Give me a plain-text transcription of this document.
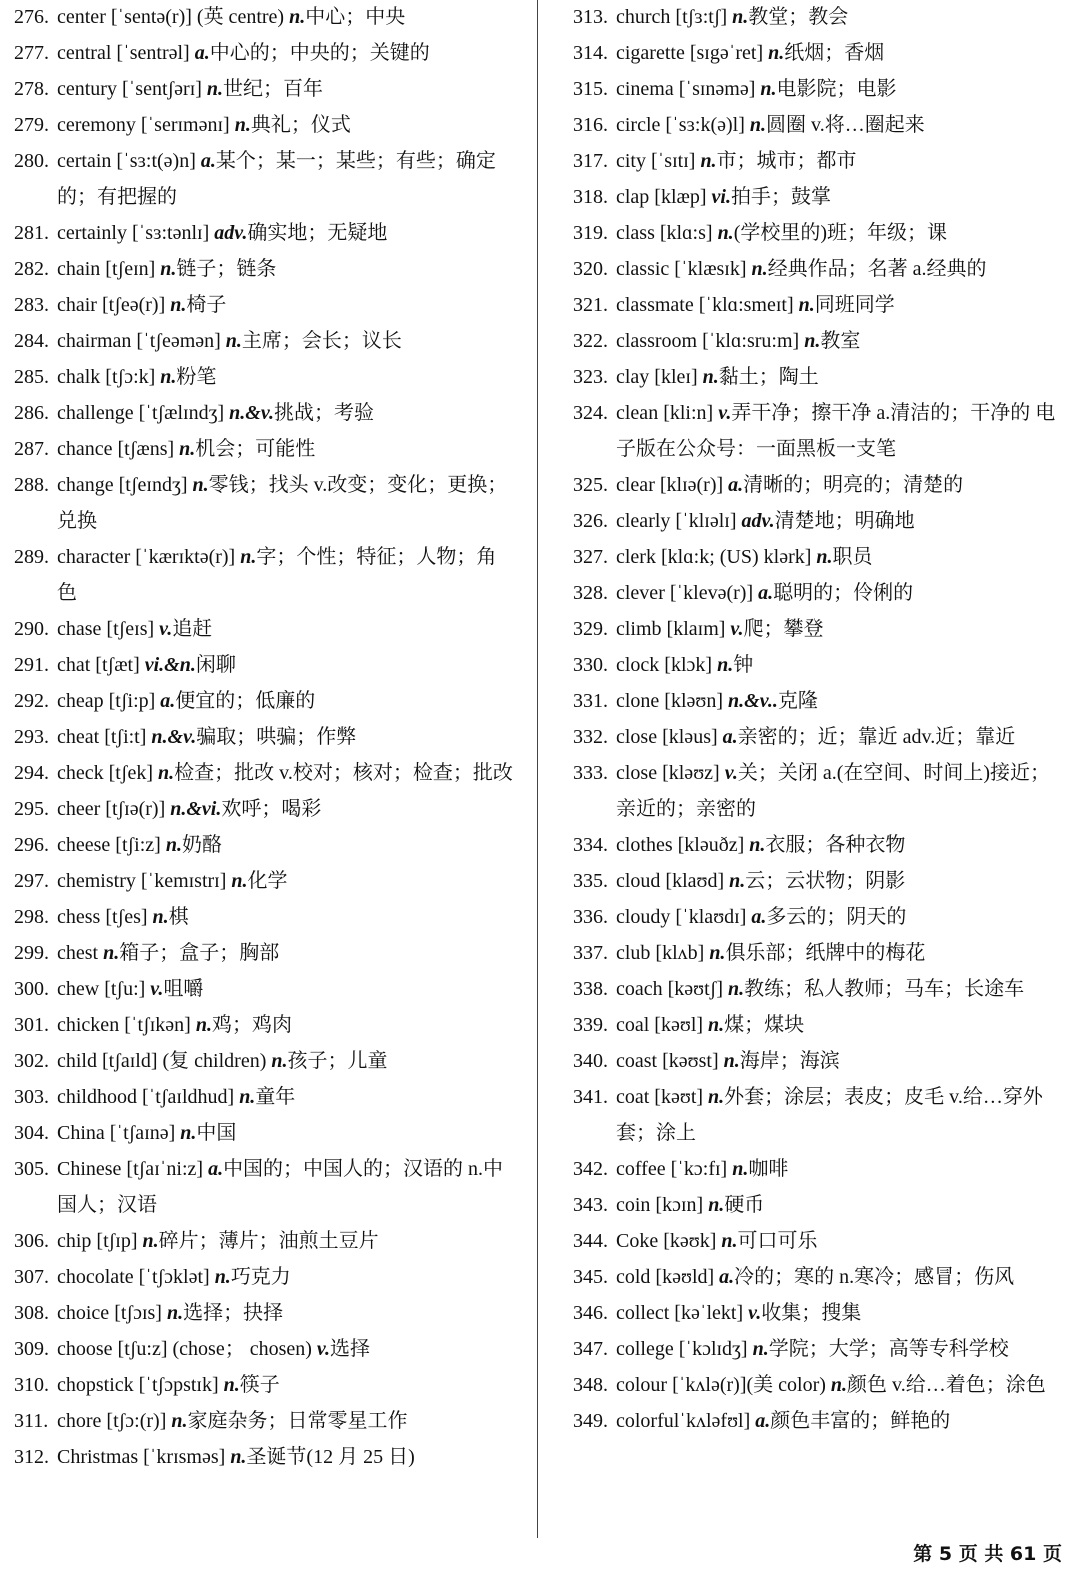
276. center [ˈsentə(r)] (英 centre) n.中心；中央
277. central [ˈsentrəl] a.中心的；中央的；关键的
278. century [ˈsentʃərɪ] n.世纪；百年
279. ceremony [ˈserɪmənɪ] n.典礼；仪式
280. certain [ˈsɜ:t(ə)n] a.某个；某一；某些；有些；确定的；有把握的
281. certainly [ˈsɜ:tənlɪ] adv.确实地；无疑地
282. chain [tʃeɪn] n.链子；链条
283. chair [tʃeə(r)] n.椅子
284. chairman [ˈtʃeəmən] n.主席；会长；议长
285. chalk [tʃɔ:k] n.粉笔
286. challenge [ˈtʃælɪndʒ] n.&v.挑战；考验
287. chance [tʃæns] n.机会；可能性
288. change [tʃeɪndʒ] n.零钱；找头 v.改变；变化；更换；兑换
289. character [ˈkærɪktə(r)] n.字；个性；特征；人物；角色
290. chase [tʃeɪs] v.追赶
291. chat [tʃæt] vi.&n.闲聊
292. cheap [tʃi:p] a.便宜的；低廉的
293. cheat [tʃi:t] n.&v.骗取；哄骗；作弊
294. check [tʃek] n.检查；批改 v.校对；核对；检查；批改
295. cheer [tʃɪə(r)] n.&vi.欢呼；喝彩
296. cheese [tʃi:z] n.奶酪
297. chemistry [ˈkemɪstrɪ] n.化学
298. chess [tʃes] n.棋
299. chest n.箱子；盒子；胸部
300. chew [tʃu:] v.咀嚼
301. chicken [ˈtʃɪkən] n.鸡；鸡肉
302. child [tʃaɪld] (复 children) n.孩子；儿童
303. childhood [ˈtʃaɪldhud] n.童年
304. China [ˈtʃaɪnə] n.中国
305. Chinese [tʃaɪˈni:z] a.中国的；中国人的；汉语的 n.中国人；汉语
306. chip [tʃɪp] n.碎片；薄片；油煎土豆片
307. chocolate [ˈtʃɔklət] n.巧克力
308. choice [tʃɔɪs] n.选择；抉择
309. choose [tʃu:z] (chose； chosen) v.选择
310. chopstick [ˈtʃɔpstɪk] n.筷子
311. chore [tʃɔ:(r)] n.家庭杂务；日常零星工作
312. Christmas [ˈkrɪsməs] n.圣诞节(12 月 25 日)
313. church [tʃɜ:tʃ] n.教堂；教会
314. cigarette [sɪgəˈret] n.纸烟；香烟
315. cinema [ˈsɪnəmə] n.电影院；电影
316. circle [ˈsɜ:k(ə)l] n.圆圈 v.将…圈起来
317. city [ˈsɪtɪ] n.市；城市；都市
318. clap [klæp] vi.拍手；鼓掌
319. class [klɑ:s] n.(学校里的)班；年级；课
320. classic [ˈklæsɪk] n.经典作品；名著 a.经典的
321. classmate [ˈklɑ:smeɪt] n.同班同学
322. classroom [ˈklɑ:sru:m] n.教室
323. clay [kleɪ] n.黏土；陶土
324. clean [kli:n] v.弄干净；擦干净 a.清洁的；干净的 电子版在公众号：一面黑板一支笔
325. clear [klɪə(r)] a.清晰的；明亮的；清楚的
326. clearly [ˈklɪəlɪ] adv.清楚地；明确地
327. clerk [klɑ:k; (US) klərk] n.职员
328. clever [ˈklevə(r)] a.聪明的；伶俐的
329. climb [klaɪm] v.爬；攀登
330. clock [klɔk] n.钟
331. clone [kləʊn] n.&v..克隆
332. close [kləus] a.亲密的；近；靠近 adv.近；靠近
333. close [kləʊz] v.关；关闭 a.(在空间、时间上)接近；亲近的；亲密的
334. clothes [kləuðz] n.衣服；各种衣物
335. cloud [klaʊd] n.云；云状物；阴影
336. cloudy [ˈklaʊdɪ] a.多云的；阴天的
337. club [klʌb] n.俱乐部；纸牌中的梅花
338. coach [kəʊtʃ] n.教练；私人教师；马车；长途车
339. coal [kəʊl] n.煤；煤块
340. coast [kəʊst] n.海岸；海滨
341. coat [kəʊt] n.外套；涂层；表皮；皮毛 v.给…穿外套；涂上
342. coffee [ˈkɔ:fɪ] n.咖啡
343. coin [kɔɪn] n.硬币
344. Coke [kəʊk] n.可口可乐
345. cold [kəʊld] a.冷的；寒的 n.寒冷；感冒；伤风
346. collect [kəˈlekt] v.收集；搜集
347. college [ˈkɔlɪdʒ] n.学院；大学；高等专科学校
348. colour [ˈkʌlə(r)](美 color) n.颜色 v.给…着色；涂色
349. colorfulˈkʌləfʊl] a.颜色丰富的；鲜艳的
第 5 页 共 61 页
